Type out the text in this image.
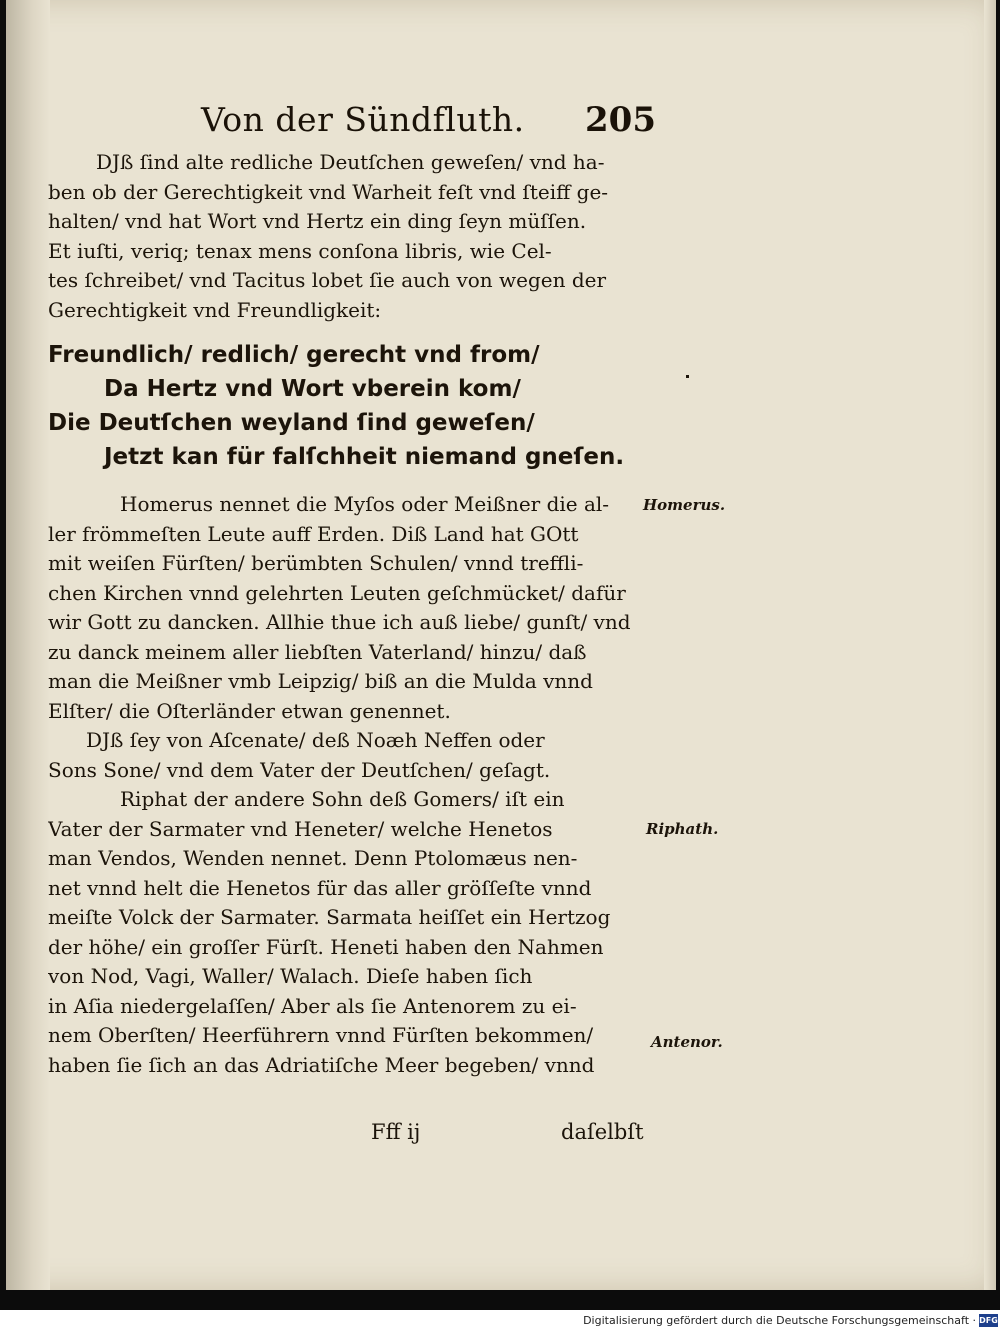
Von der Sündfluth. 205
DJß ſind alte redliche Deutſchen geweſen/ vnd ha-
ben ob der Gerechtigkeit vnd Warheit feſt vnd ſteiff ge-
halten/ vnd hat Wort vnd Hertz ein ding ſeyn müſſen.
Et iuſti, veriq; tenax mens conſona libris, wie Cel-
tes ſchreibet/ vnd Tacitus lobet ſie auch von wegen der
Gerechtigkeit vnd Freundligkeit:
Freundlich/ redlich/ gerecht vnd from/
Da Hertz vnd Wort vberein kom/
Die Deutſchen weyland ſind geweſen/
Jetzt kan für falſchheit niemand gneſen.
Homerus nennet die Myſos oder Meißner die al-
ler frömmeſten Leute auff Erden. Diß Land hat GOtt
mit weiſen Fürſten/ berümbten Schulen/ vnnd treffli-
chen Kirchen vnnd gelehrten Leuten geſchmücket/ dafür
wir Gott zu dancken. Allhie thue ich auß liebe/ gunſt/ vnd
zu danck meinem aller liebſten Vaterland/ hinzu/ daß
man die Meißner vmb Leipzig/ biß an die Mulda vnnd
Elſter/ die Oſterländer etwan genennet.
DJß ſey von Aſcenate/ deß Noæh Neffen oder
Sons Sone/ vnd dem Vater der Deutſchen/ geſagt.
Riphat der andere Sohn deß Gomers/ iſt ein
Vater der Sarmater vnd Heneter/ welche Henetos
man Vendos, Wenden nennet. Denn Ptolomæus nen-
net vnnd helt die Henetos für das aller gröſſeſte vnnd
meiſte Volck der Sarmater. Sarmata heiſſet ein Hertzog
der höhe/ ein groſſer Fürſt. Heneti haben den Nahmen
von Nod, Vagi, Waller/ Walach. Dieſe haben ſich
in Aſia niedergelaſſen/ Aber als ſie Antenorem zu ei-
nem Oberſten/ Heerführern vnnd Fürſten bekommen/
haben ſie ſich an das Adriatiſche Meer begeben/ vnnd
Homerus.
Riphath.
Antenor.
Fff ij	daſelbſt
Digitalisierung gefördert durch die Deutsche Forschungsgemeinschaft · DFG
